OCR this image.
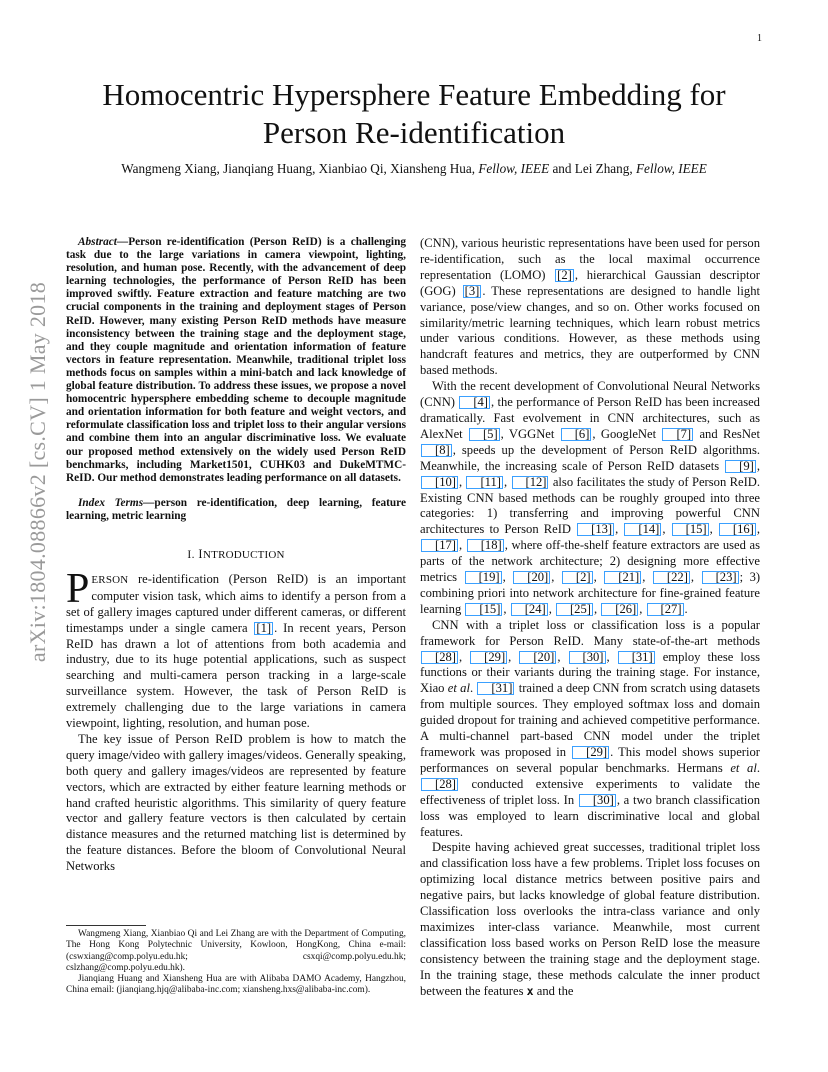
1
arXiv:1804.08866v2 [cs.CV] 1 May 2018
Homocentric Hypersphere Feature Embedding for
Person Re-identification
Wangmeng Xiang, Jianqiang Huang, Xianbiao Qi, Xiansheng Hua, Fellow, IEEE and Lei Zhang, Fellow, IEEE

Abstract—Person re-identification (Person ReID) is a challenging task due to the large variations in camera viewpoint, lighting, resolution, and human pose. Recently, with the advancement of deep learning technologies, the performance of Person ReID has been improved swiftly. Feature extraction and feature matching are two crucial components in the training and deployment stages of Person ReID. However, many existing Person ReID methods have measure inconsistency between the training stage and the deployment stage, and they couple magnitude and orientation information of feature vectors in feature representation. Meanwhile, traditional triplet loss methods focus on samples within a mini-batch and lack knowledge of global feature distribution. To address these issues, we propose a novel homocentric hypersphere embedding scheme to decouple magnitude and orientation information for both feature and weight vectors, and reformulate classification loss and triplet loss to their angular versions and combine them into an angular discriminative loss. We evaluate our proposed method extensively on the widely used Person ReID benchmarks, including Market1501, CUHK03 and DukeMTMC-ReID. Our method demonstrates leading performance on all datasets.

Index Terms—person re-identification, deep learning, feature learning, metric learning

I. INTRODUCTION

PERSON re-identification (Person ReID) is an important computer vision task, which aims to identify a person from a set of gallery images captured under different cameras, or different timestamps under a single camera [1] . In recent years, Person ReID has drawn a lot of attentions from both academia and industry, due to its huge potential applications, such as suspect searching and multi-camera person tracking in a large-scale surveillance system. However, the task of Person ReID is extremely challenging due to the large variations in camera viewpoint, lighting, resolution, and human pose.

The key issue of Person ReID problem is how to match the query image/video with gallery images/videos. Generally speaking, both query and gallery images/videos are represented by feature vectors, which are extracted by either feature learning methods or hand crafted heuristic algorithms. This similarity of query feature vector and gallery feature vectors is then calculated by certain distance measures and the returned matching list is determined by the feature distances. Before the bloom of Convolutional Neural Networks

Wangmeng Xiang, Xianbiao Qi and Lei Zhang are with the Department of Computing, The Hong Kong Polytechnic University, Kowloon, HongKong, China e-mail: (cswxiang@comp.polyu.edu.hk; csxqi@comp.polyu.edu.hk; cslzhang@comp.polyu.edu.hk).

Jianqiang Huang and Xiansheng Hua are with Alibaba DAMO Academy, Hangzhou, China email: (jianqiang.hjq@alibaba-inc.com; xiansheng.hxs@alibaba-inc.com).

(CNN), various heuristic representations have been used for person re-identification, such as the local maximal occurrence representation (LOMO) [2] , hierarchical Gaussian descriptor (GOG) [3] . These representations are designed to handle light variance, pose/view changes, and so on. Other works focused on similarity/metric learning techniques, which learn robust metrics under various conditions. However, as these methods using handcraft features and metrics, they are outperformed by CNN based methods.

With the recent development of Convolutional Neural Networks (CNN) [4] , the performance of Person ReID has been increased dramatically. Fast evolvement in CNN architectures, such as AlexNet [5] , VGGNet [6] , GoogleNet [7] and ResNet [8] , speeds up the development of Person ReID algorithms. Meanwhile, the increasing scale of Person ReID datasets [9] , [10] , [11] , [12] also facilitates the study of Person ReID. Existing CNN based methods can be roughly grouped into three categories: 1) transferring and improving powerful CNN architectures to Person ReID [13] , [14] , [15] , [16] , [17] , [18] , where off-the-shelf feature extractors are used as parts of the network architecture; 2) designing more effective metrics [19] , [20] , [2] , [21] , [22] , [23] ; 3) combining priori into network architecture for fine-grained feature learning [15] , [24] , [25] , [26] , [27] .

CNN with a triplet loss or classification loss is a popular framework for Person ReID. Many state-of-the-art methods [28] , [29] , [20] , [30] , [31] employ these loss functions or their variants during the training stage. For instance, Xiao et al. [31] trained a deep CNN from scratch using datasets from multiple sources. They employed softmax loss and domain guided dropout for training and achieved competitive performance. A multi-channel part-based CNN model under the triplet framework was proposed in [29] . This model shows superior performances on several popular benchmarks. Hermans et al. [28] conducted extensive experiments to validate the effectiveness of triplet loss. In [30] , a two branch classification loss was employed to learn discriminative local and global features.

Despite having achieved great successes, traditional triplet loss and classification loss have a few problems. Triplet loss focuses on optimizing local distance metrics between positive pairs and negative pairs, but lacks knowledge of global feature distribution. Classification loss overlooks the intra-class variance and only maximizes inter-class variance. Meanwhile, most current classification loss based works on Person ReID lose the measure consistency between the training stage and the deployment stage. In the training stage, these methods calculate the inner product between the features x and the
